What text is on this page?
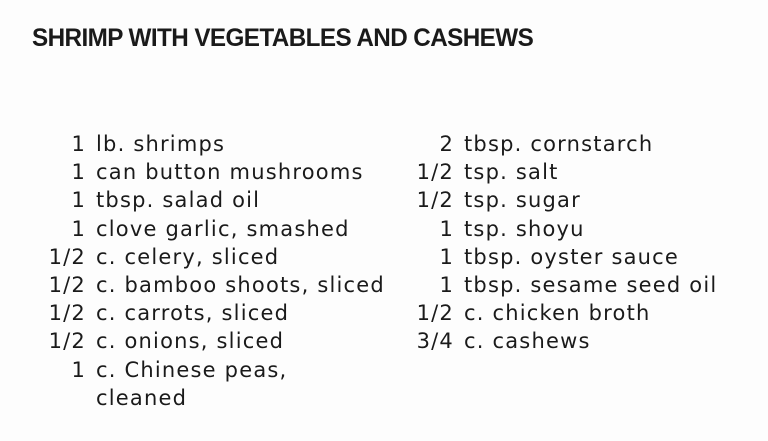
SHRIMP WITH VEGETABLES AND CASHEWS
1 lb. shrimps
1 can button mushrooms
1 tbsp. salad oil
1 clove garlic, smashed
1/2 c. celery, sliced
1/2 c. bamboo shoots, sliced
1/2 c. carrots, sliced
1/2 c. onions, sliced
1 c. Chinese peas,
cleaned
2 tbsp. cornstarch
1/2 tsp. salt
1/2 tsp. sugar
1 tsp. shoyu
1 tbsp. oyster sauce
1 tbsp. sesame seed oil
1/2 c. chicken broth
3/4 c. cashews
